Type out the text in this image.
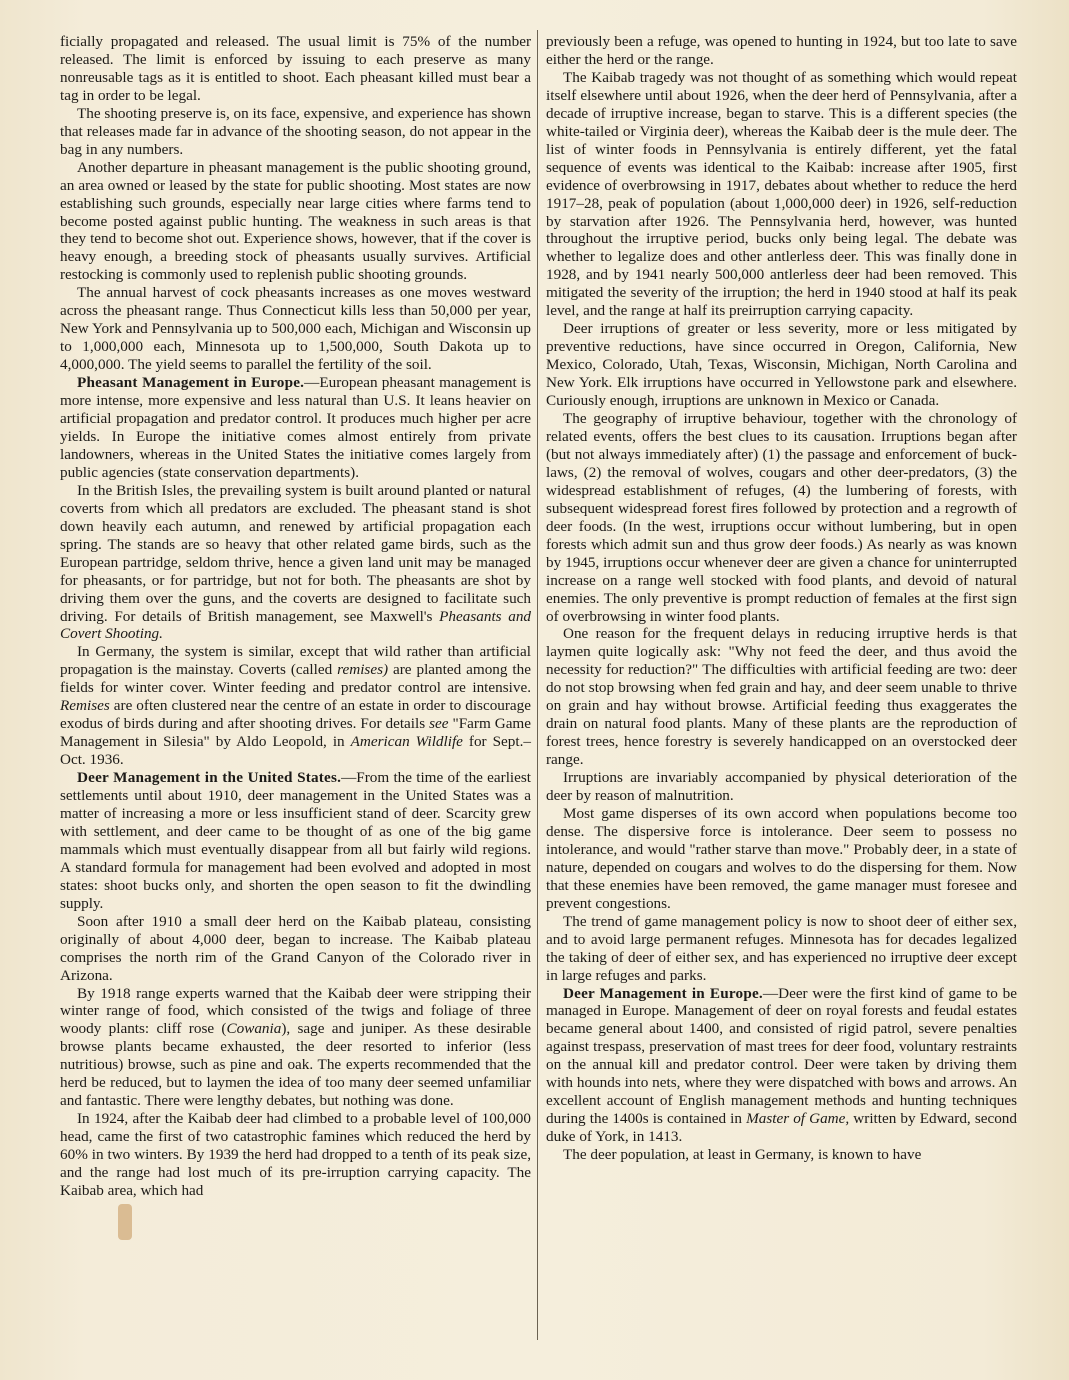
ficially propagated and released. The usual limit is 75% of the number released. The limit is enforced by issuing to each preserve as many nonreusable tags as it is entitled to shoot. Each pheasant killed must bear a tag in order to be legal.

The shooting preserve is, on its face, expensive, and experience has shown that releases made far in advance of the shooting season, do not appear in the bag in any numbers.

Another departure in pheasant management is the public shooting ground, an area owned or leased by the state for public shooting. Most states are now establishing such grounds, especially near large cities where farms tend to become posted against public hunting. The weakness in such areas is that they tend to become shot out. Experience shows, however, that if the cover is heavy enough, a breeding stock of pheasants usually survives. Artificial restocking is commonly used to replenish public shooting grounds.

The annual harvest of cock pheasants increases as one moves westward across the pheasant range. Thus Connecticut kills less than 50,000 per year, New York and Pennsylvania up to 500,000 each, Michigan and Wisconsin up to 1,000,000 each, Minnesota up to 1,500,000, South Dakota up to 4,000,000. The yield seems to parallel the fertility of the soil.

Pheasant Management in Europe.—European pheasant management is more intense, more expensive and less natural than U.S. It leans heavier on artificial propagation and predator control. It produces much higher per acre yields. In Europe the initiative comes almost entirely from private landowners, whereas in the United States the initiative comes largely from public agencies (state conservation departments).

In the British Isles, the prevailing system is built around planted or natural coverts from which all predators are excluded. The pheasant stand is shot down heavily each autumn, and renewed by artificial propagation each spring. The stands are so heavy that other related game birds, such as the European partridge, seldom thrive, hence a given land unit may be managed for pheasants, or for partridge, but not for both. The pheasants are shot by driving them over the guns, and the coverts are designed to facilitate such driving. For details of British management, see Maxwell's Pheasants and Covert Shooting.

In Germany, the system is similar, except that wild rather than artificial propagation is the mainstay. Coverts (called remises) are planted among the fields for winter cover. Winter feeding and predator control are intensive. Remises are often clustered near the centre of an estate in order to discourage exodus of birds during and after shooting drives. For details see "Farm Game Management in Silesia" by Aldo Leopold, in American Wildlife for Sept.–Oct. 1936.

Deer Management in the United States.—From the time of the earliest settlements until about 1910, deer management in the United States was a matter of increasing a more or less insufficient stand of deer. Scarcity grew with settlement, and deer came to be thought of as one of the big game mammals which must eventually disappear from all but fairly wild regions. A standard formula for management had been evolved and adopted in most states: shoot bucks only, and shorten the open season to fit the dwindling supply.

Soon after 1910 a small deer herd on the Kaibab plateau, consisting originally of about 4,000 deer, began to increase. The Kaibab plateau comprises the north rim of the Grand Canyon of the Colorado river in Arizona.

By 1918 range experts warned that the Kaibab deer were stripping their winter range of food, which consisted of the twigs and foliage of three woody plants: cliff rose (Cowania), sage and juniper. As these desirable browse plants became exhausted, the deer resorted to inferior (less nutritious) browse, such as pine and oak. The experts recommended that the herd be reduced, but to laymen the idea of too many deer seemed unfamiliar and fantastic. There were lengthy debates, but nothing was done.

In 1924, after the Kaibab deer had climbed to a probable level of 100,000 head, came the first of two catastrophic famines which reduced the herd by 60% in two winters. By 1939 the herd had dropped to a tenth of its peak size, and the range had lost much of its pre-irruption carrying capacity. The Kaibab area, which had

previously been a refuge, was opened to hunting in 1924, but too late to save either the herd or the range.

The Kaibab tragedy was not thought of as something which would repeat itself elsewhere until about 1926, when the deer herd of Pennsylvania, after a decade of irruptive increase, began to starve. This is a different species (the white-tailed or Virginia deer), whereas the Kaibab deer is the mule deer. The list of winter foods in Pennsylvania is entirely different, yet the fatal sequence of events was identical to the Kaibab: increase after 1905, first evidence of overbrowsing in 1917, debates about whether to reduce the herd 1917–28, peak of population (about 1,000,000 deer) in 1926, self-reduction by starvation after 1926. The Pennsylvania herd, however, was hunted throughout the irruptive period, bucks only being legal. The debate was whether to legalize does and other antlerless deer. This was finally done in 1928, and by 1941 nearly 500,000 antlerless deer had been removed. This mitigated the severity of the irruption; the herd in 1940 stood at half its peak level, and the range at half its preirruption carrying capacity.

Deer irruptions of greater or less severity, more or less mitigated by preventive reductions, have since occurred in Oregon, California, New Mexico, Colorado, Utah, Texas, Wisconsin, Michigan, North Carolina and New York. Elk irruptions have occurred in Yellowstone park and elsewhere. Curiously enough, irruptions are unknown in Mexico or Canada.

The geography of irruptive behaviour, together with the chronology of related events, offers the best clues to its causation. Irruptions began after (but not always immediately after) (1) the passage and enforcement of buck-laws, (2) the removal of wolves, cougars and other deer-predators, (3) the widespread establishment of refuges, (4) the lumbering of forests, with subsequent widespread forest fires followed by protection and a regrowth of deer foods. (In the west, irruptions occur without lumbering, but in open forests which admit sun and thus grow deer foods.) As nearly as was known by 1945, irruptions occur whenever deer are given a chance for uninterrupted increase on a range well stocked with food plants, and devoid of natural enemies. The only preventive is prompt reduction of females at the first sign of overbrowsing in winter food plants.

One reason for the frequent delays in reducing irruptive herds is that laymen quite logically ask: "Why not feed the deer, and thus avoid the necessity for reduction?" The difficulties with artificial feeding are two: deer do not stop browsing when fed grain and hay, and deer seem unable to thrive on grain and hay without browse. Artificial feeding thus exaggerates the drain on natural food plants. Many of these plants are the reproduction of forest trees, hence forestry is severely handicapped on an overstocked deer range.

Irruptions are invariably accompanied by physical deterioration of the deer by reason of malnutrition.

Most game disperses of its own accord when populations become too dense. The dispersive force is intolerance. Deer seem to possess no intolerance, and would "rather starve than move." Probably deer, in a state of nature, depended on cougars and wolves to do the dispersing for them. Now that these enemies have been removed, the game manager must foresee and prevent congestions.

The trend of game management policy is now to shoot deer of either sex, and to avoid large permanent refuges. Minnesota has for decades legalized the taking of deer of either sex, and has experienced no irruptive deer except in large refuges and parks.

Deer Management in Europe.—Deer were the first kind of game to be managed in Europe. Management of deer on royal forests and feudal estates became general about 1400, and consisted of rigid patrol, severe penalties against trespass, preservation of mast trees for deer food, voluntary restraints on the annual kill and predator control. Deer were taken by driving them with hounds into nets, where they were dispatched with bows and arrows. An excellent account of English management methods and hunting techniques during the 1400s is contained in Master of Game, written by Edward, second duke of York, in 1413.

The deer population, at least in Germany, is known to have
